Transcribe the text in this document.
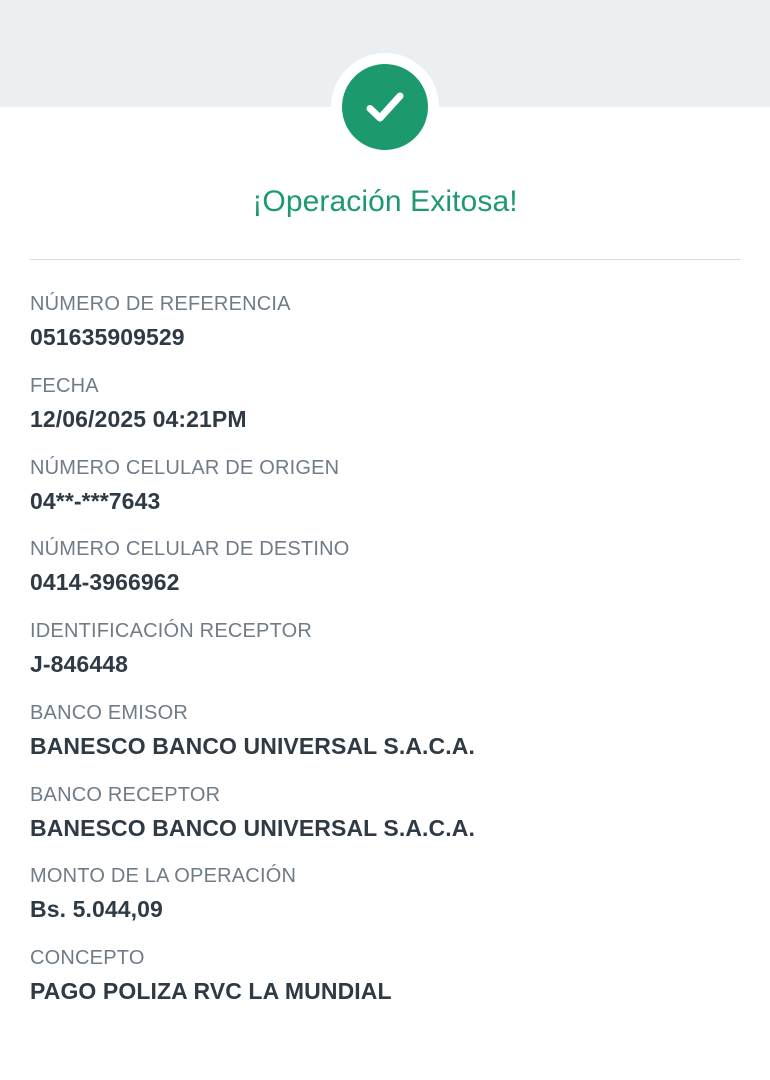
¡Operación Exitosa!
NÚMERO DE REFERENCIA
051635909529
FECHA
12/06/2025 04:21PM
NÚMERO CELULAR DE ORIGEN
04**-***7643
NÚMERO CELULAR DE DESTINO
0414-3966962
IDENTIFICACIÓN RECEPTOR
J-846448
BANCO EMISOR
BANESCO BANCO UNIVERSAL S.A.C.A.
BANCO RECEPTOR
BANESCO BANCO UNIVERSAL S.A.C.A.
MONTO DE LA OPERACIÓN
Bs. 5.044,09
CONCEPTO
PAGO POLIZA RVC LA MUNDIAL
